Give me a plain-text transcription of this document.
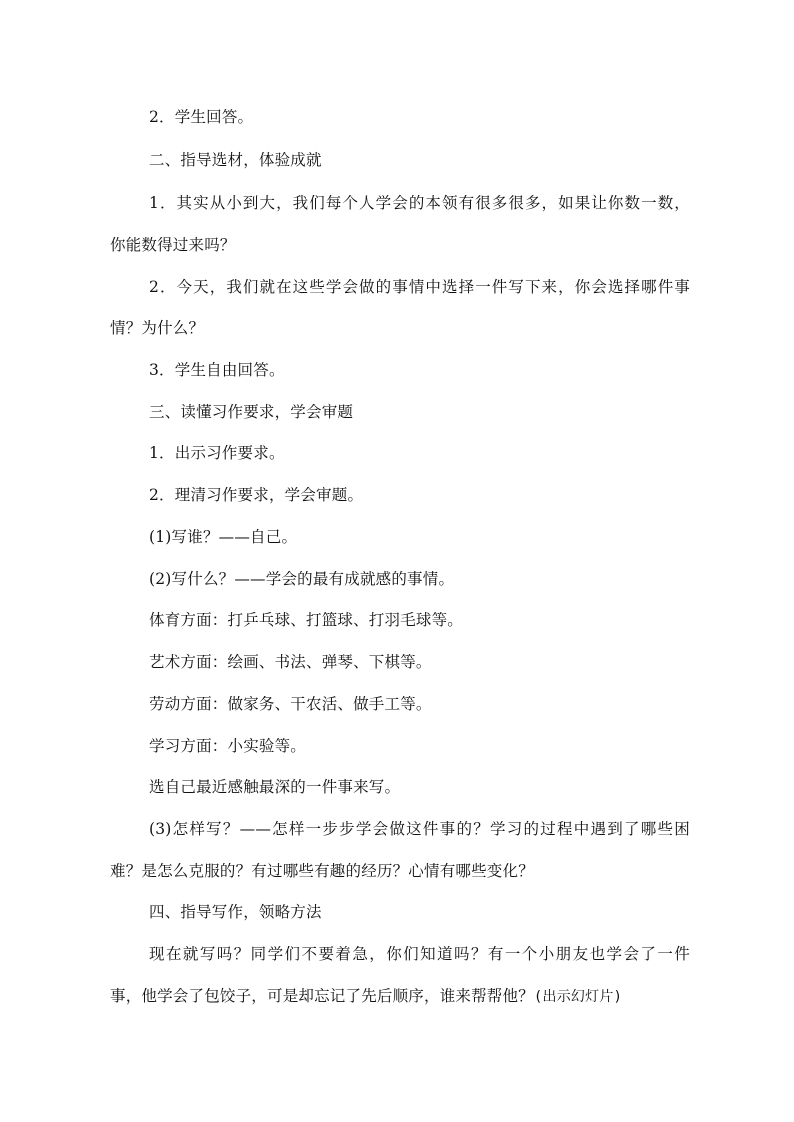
2．学生回答。
二、指导选材，体验成就
1．其实从小到大，我们每个人学会的本领有很多很多，如果让你数一数，
你能数得过来吗？
2．今天，我们就在这些学会做的事情中选择一件写下来，你会选择哪件事
情？为什么？
3．学生自由回答。
三、读懂习作要求，学会审题
1．出示习作要求。
2．理清习作要求，学会审题。
(1)写谁？——自己。
(2)写什么？——学会的最有成就感的事情。
体育方面：打乒乓球、打篮球、打羽毛球等。
艺术方面：绘画、书法、弹琴、下棋等。
劳动方面：做家务、干农活、做手工等。
学习方面：小实验等。
选自己最近感触最深的一件事来写。
(3)怎样写？——怎样一步步学会做这件事的？学习的过程中遇到了哪些困
难？是怎么克服的？有过哪些有趣的经历？心情有哪些变化？
四、指导写作，领略方法
现在就写吗？同学们不要着急，你们知道吗？有一个小朋友也学会了一件
事，他学会了包饺子，可是却忘记了先后顺序，谁来帮帮他？(出示幻灯片)
